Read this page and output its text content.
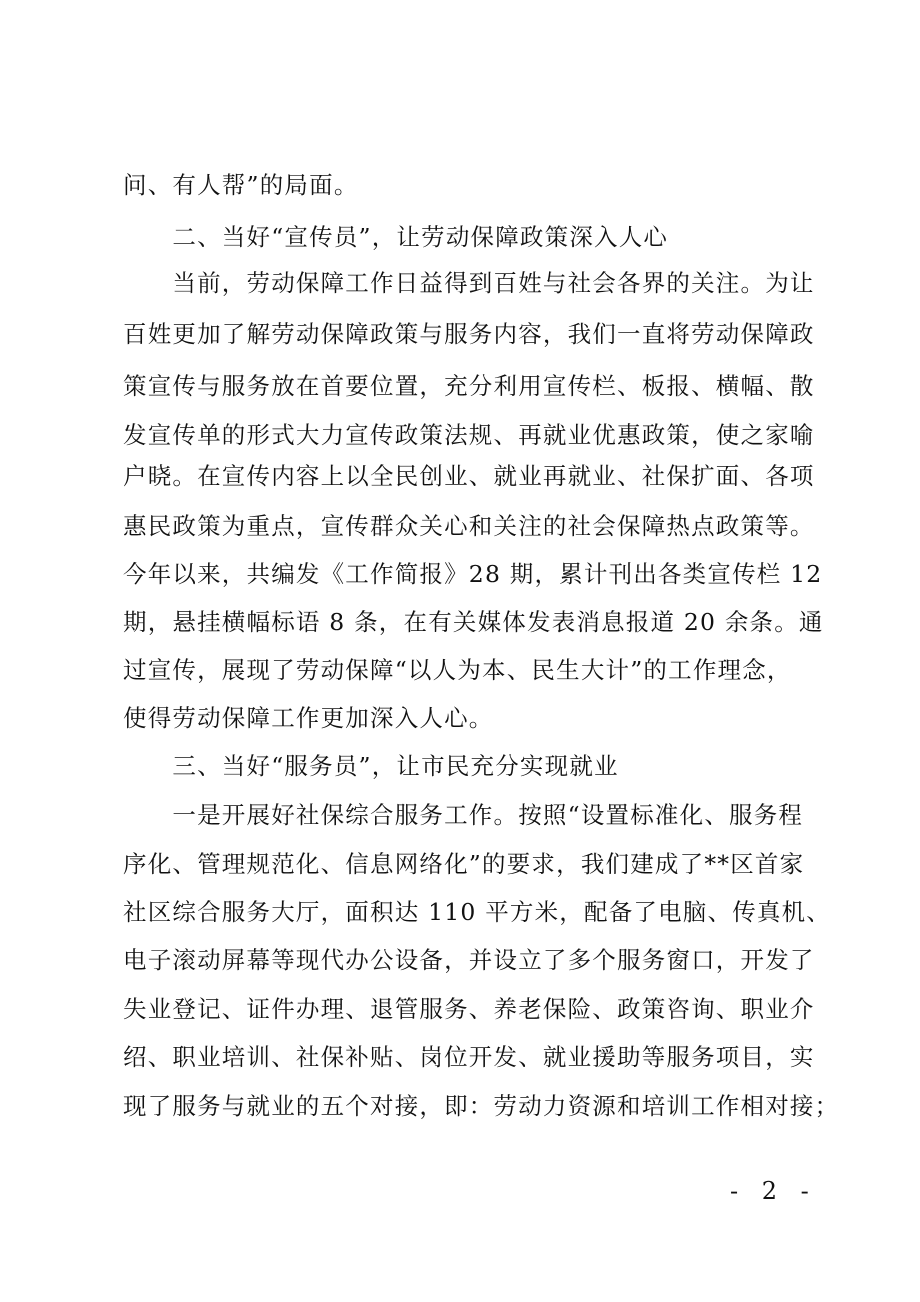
问、有人帮”的局面。
　　二、当好“宣传员”，让劳动保障政策深入人心
　　当前，劳动保障工作日益得到百姓与社会各界的关注。为让
百姓更加了解劳动保障政策与服务内容，我们一直将劳动保障政
策宣传与服务放在首要位置，充分利用宣传栏、板报、横幅、散
发宣传单的形式大力宣传政策法规、再就业优惠政策，使之家喻
户晓。在宣传内容上以全民创业、就业再就业、社保扩面、各项
惠民政策为重点，宣传群众关心和关注的社会保障热点政策等。
今年以来，共编发《工作简报》28 期，累计刊出各类宣传栏 12
期，悬挂横幅标语 8 条，在有关媒体发表消息报道 20 余条。通
过宣传，展现了劳动保障“以人为本、民生大计”的工作理念，
使得劳动保障工作更加深入人心。
　　三、当好“服务员”，让市民充分实现就业
　　一是开展好社保综合服务工作。按照“设置标准化、服务程
序化、管理规范化、信息网络化”的要求，我们建成了**区首家
社区综合服务大厅，面积达 110 平方米，配备了电脑、传真机、
电子滚动屏幕等现代办公设备，并设立了多个服务窗口，开发了
失业登记、证件办理、退管服务、养老保险、政策咨询、职业介
绍、职业培训、社保补贴、岗位开发、就业援助等服务项目，实
现了服务与就业的五个对接，即：劳动力资源和培训工作相对接；
- 2 -
